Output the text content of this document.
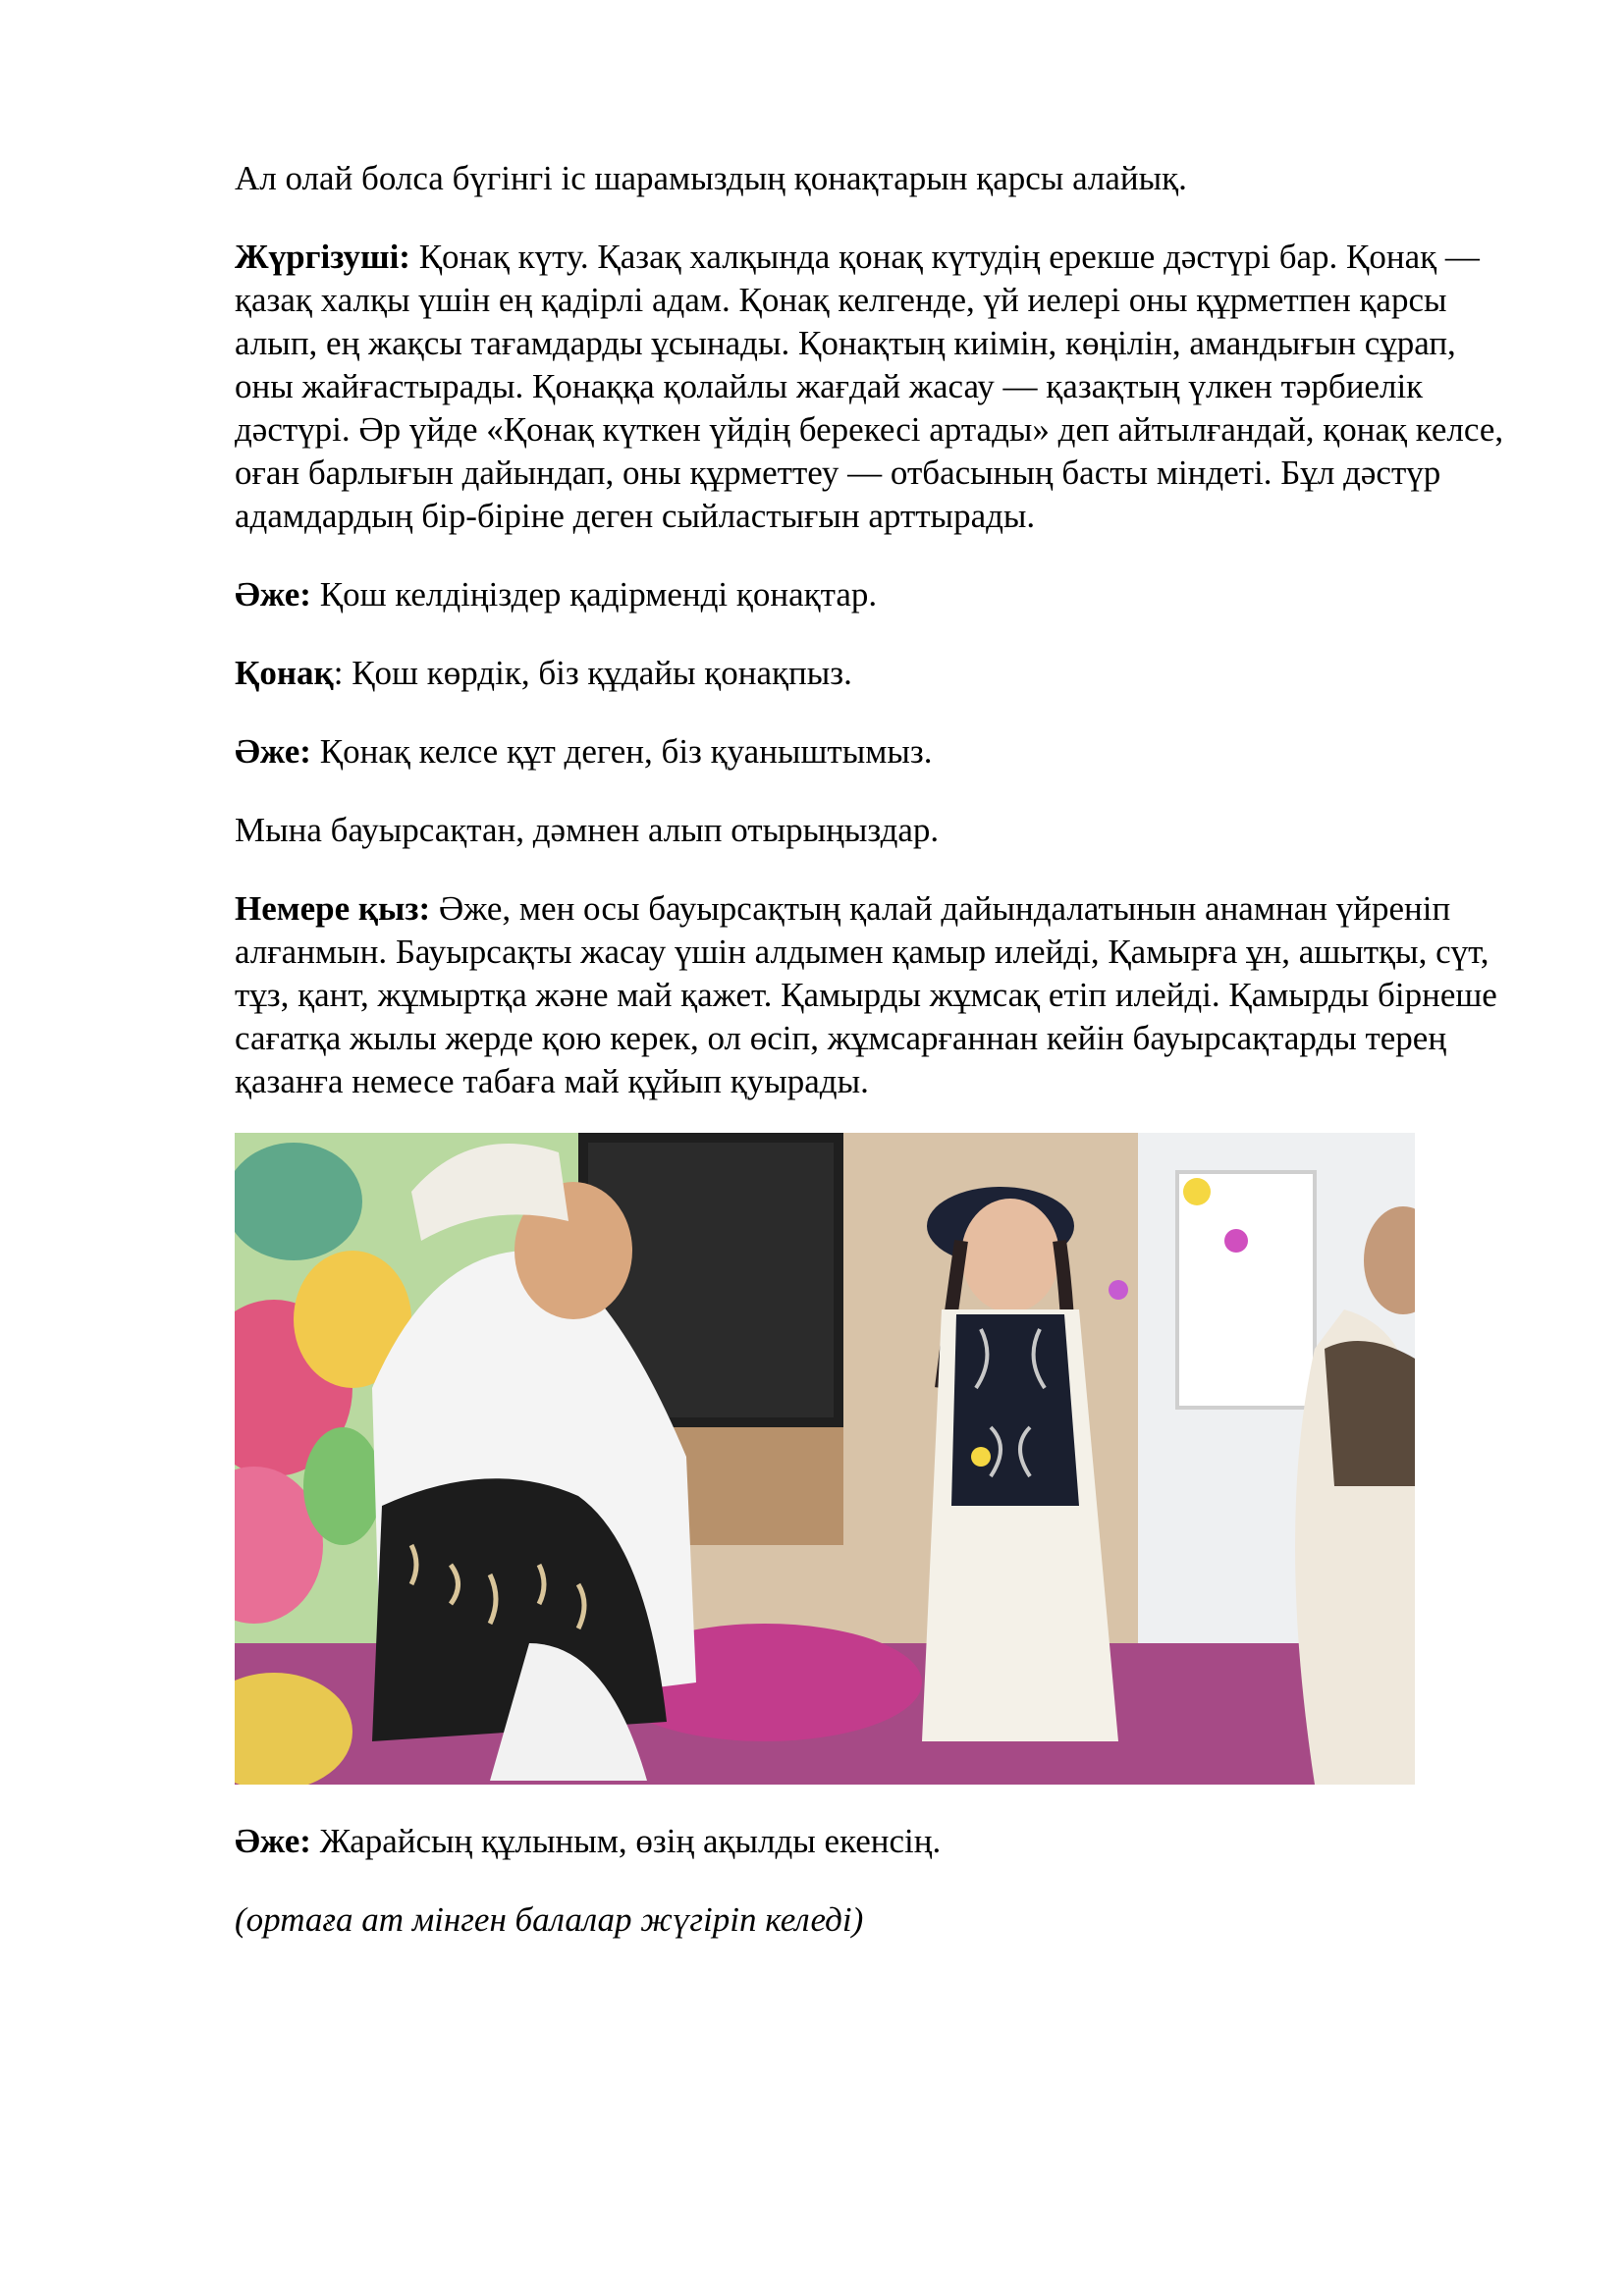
Ал олай болса бүгінгі іс шарамыздың қонақтарын қарсы алайық.

Жүргізуші: Қонақ күту. Қазақ халқында қонақ күтудің ерекше дәстүрі бар. Қонақ — қазақ халқы үшін ең қадірлі адам. Қонақ келгенде, үй иелері оны құрметпен қарсы алып, ең жақсы тағамдарды ұсынады. Қонақтың киімін, көңілін, амандығын сұрап, оны жайғастырады. Қонаққа қолайлы жағдай жасау — қазақтың үлкен тәрбиелік дәстүрі. Әр үйде «Қонақ күткен үйдің берекесі артады» деп айтылғандай, қонақ келсе, оған барлығын дайындап, оны құрметтеу — отбасының басты міндеті. Бұл дәстүр адамдардың бір-біріне деген сыйластығын арттырады.

Әже: Қош келдіңіздер қадірменді қонақтар.

Қонақ: Қош көрдік, біз құдайы қонақпыз.

Әже: Қонақ келсе құт деген, біз қуаныштымыз.

Мына бауырсақтан, дәмнен алып отырыңыздар.

Немере қыз: Әже, мен осы бауырсақтың қалай дайындалатынын анамнан үйреніп алғанмын. Бауырсақты жасау үшін алдымен қамыр илейді, Қамырға ұн, ашытқы, сүт, тұз, қант, жұмыртқа және май қажет. Қамырды жұмсақ етіп илейді. Қамырды бірнеше сағатқа жылы жерде қою керек, ол өсіп, жұмсарғаннан кейін бауырсақтарды терең қазанға немесе табаға май құйып қуырады.

Әже: Жарайсың құлыным, өзің ақылды екенсің.

(ортаға ат мінген балалар жүгіріп келеді)
